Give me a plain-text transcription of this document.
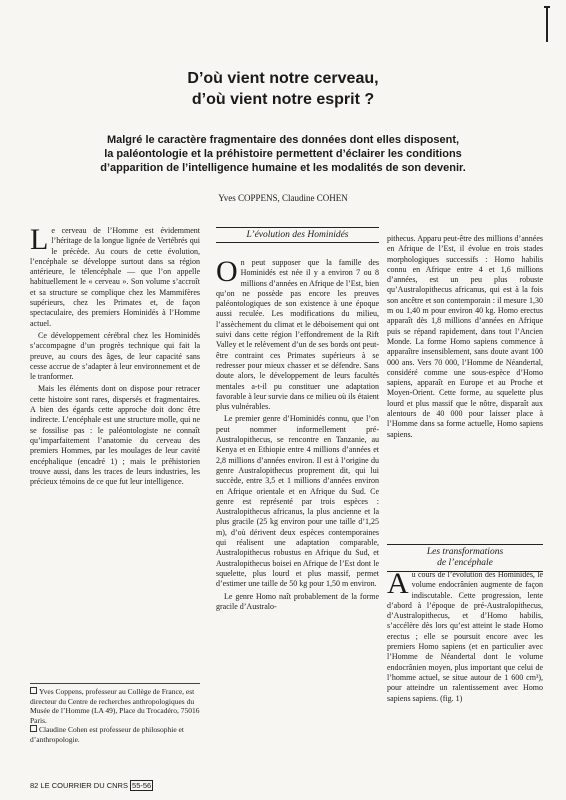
D’où vient notre cerveau,
d’où vient notre esprit ?
Malgré le caractère fragmentaire des données dont elles disposent,
la paléontologie et la préhistoire permettent d’éclairer les conditions
d’apparition de l’intelligence humaine et les modalités de son devenir.
Yves COPPENS, Claudine COHEN

Le cerveau de l’Homme est évidemment l’héritage de la longue lignée de Vertébrés qui le précède. Au cours de cette évolution, l’encéphale se développe surtout dans sa région antérieure, le télencéphale — que l’on appelle habituellement le « cerveau ». Son volume s’accroît et sa structure se complique chez les Mammifères supérieurs, chez les Primates et, de façon spectaculaire, des premiers Hominidés à l’Homme actuel.

Ce développement cérébral chez les Hominidés s’accompagne d’un progrès technique qui fait la preuve, au cours des âges, de leur capacité sans cesse accrue de s’adapter à leur environnement et de le tranformer.

Mais les éléments dont on dispose pour retracer cette histoire sont rares, dispersés et fragmentaires. A bien des égards cette approche doit donc être indirecte. L’encéphale est une structure molle, qui ne se fossilise pas : le paléontologiste ne connaît qu’imparfaitement l’anatomie du cerveau des premiers Hommes, par les moulages de leur cavité encéphalique (encadré 1) ; mais le préhistorien trouve aussi, dans les traces de leurs industries, les précieux témoins de ce que fut leur intelligence.

L’évolution des Hominidés

On peut supposer que la famille des Hominidés est née il y a environ 7 ou 8 millions d’années en Afrique de l’Est, bien qu’on ne possède pas encore les preuves paléontologiques de son existence à une époque aussi reculée. Les modifications du milieu, l’assèchement du climat et le déboisement qui ont suivi dans cette région l’effondrement de la Rift Valley et le relèvement d’un de ses bords ont peut-être contraint ces Primates supérieurs à se redresser pour mieux chasser et se défendre. Sans doute alors, le développement de leurs facultés mentales a-t-il pu constituer une adaptation favorable à leur survie dans ce milieu où ils étaient plus vulnérables.

Le premier genre d’Hominidés connu, que l’on peut nommer informellement pré-Australopithecus, se rencontre en Tanzanie, au Kenya et en Ethiopie entre 4 millions d’années et 2,8 millions d’années environ. Il est à l’origine du genre Australopithecus proprement dit, qui lui succède, entre 3,5 et 1 millions d’années environ en Afrique orientale et en Afrique du Sud. Ce genre est représenté par trois espèces : Australopithecus africanus, la plus ancienne et la plus gracile (25 kg environ pour une taille d’1,25 m), d’où dérivent deux espèces contemporaines qui réalisent une adaptation comparable, Australopithecus robustus en Afrique du Sud, et Australopithecus boisei en Afrique de l’Est dont le squelette, plus lourd et plus massif, permet d’estimer une taille de 50 kg pour 1,50 m environ.

Le genre Homo naît probablement de la forme gracile d’Australo-

pithecus. Apparu peut-être des millions d’années en Afrique de l’Est, il évolue en trois stades morphologiques successifs : Homo habilis connu en Afrique entre 4 et 1,6 millions d’années, est un peu plus robuste qu’Australopithecus africanus, qui est à la fois son ancêtre et son contemporain : il mesure 1,30 m ou 1,40 m pour environ 40 kg. Homo erectus apparaît dès 1,8 millions d’années en Afrique puis se répand rapidement, dans tout l’Ancien Monde. La forme Homo sapiens commence à apparaître insensiblement, sans doute avant 100 000 ans. Vers 70 000, l’Homme de Néandertal, considéré comme une sous-espèce d’Homo sapiens, apparaît en Europe et au Proche et Moyen-Orient. Cette forme, au squelette plus lourd et plus massif que le nôtre, disparaît aux alentours de 40 000 pour laisser place à l’Homme dans sa forme actuelle, Homo sapiens sapiens.

Les transformations
de l’encéphale

Au cours de l’évolution des Hominidés, le volume endocrânien augmente de façon indiscutable. Cette progression, lente d’abord à l’époque de pré-Australopithecus, d’Australopithecus, et d’Homo habilis, s’accélère dès lors qu’est atteint le stade Homo erectus ; elle se poursuit encore avec les premiers Homo sapiens (et en particulier avec l’Homme de Néandertal dont le volume endocrânien moyen, plus important que celui de l’homme actuel, se situe autour de 1 600 cm³), pour atteindre un ralentissement avec Homo sapiens sapiens. (fig. 1)

Yves Coppens, professeur au Collège de France, est directeur du Centre de recherches anthropologiques du Musée de l’Homme (LA 49), Place du Trocadéro, 75016 Paris.

Claudine Cohen est professeur de philosophie et d’anthropologie.

82 LE COURRIER DU CNRS 55-56
